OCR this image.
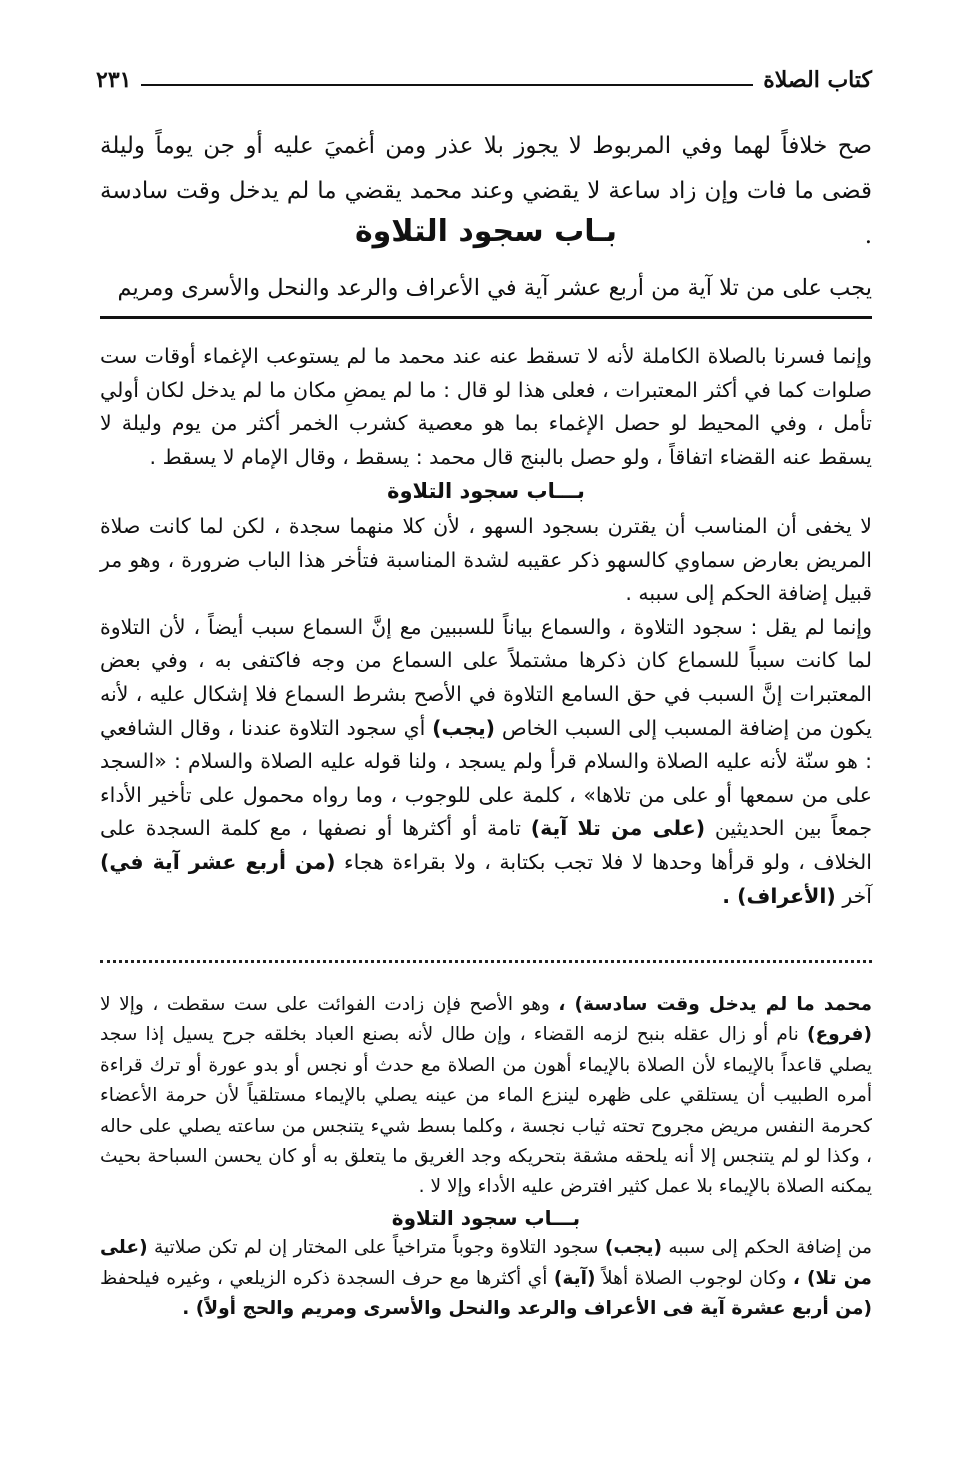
كتاب الصلاة
٢٣١

صح خلافاً لهما وفي المربوط لا يجوز بلا عذر ومن أغميَ عليه أو جن يوماً وليلة قضى ما فات وإن زاد ساعة لا يقضي وعند محمد يقضي ما لم يدخل وقت سادسة .

بـاب سجود التلاوة

يجب على من تلا آية من أربع عشر آية في الأعراف والرعد والنحل والأسرى ومريم

وإنما فسرنا بالصلاة الكاملة لأنه لا تسقط عنه عند محمد ما لم يستوعب الإغماء أوقات ست صلوات كما في أكثر المعتبرات ، فعلى هذا لو قال : ما لم يمضِ مكان ما لم يدخل لكان أولي تأمل ، وفي المحيط لو حصل الإغماء بما هو معصية كشرب الخمر أكثر من يوم وليلة لا يسقط عنه القضاء اتفاقاً ، ولو حصل بالبنج قال محمد : يسقط ، وقال الإمام لا يسقط .

بـــاب سجود التلاوة

لا يخفى أن المناسب أن يقترن بسجود السهو ، لأن كلا منهما سجدة ، لكن لما كانت صلاة المريض بعارض سماوي كالسهو ذكر عقيبه لشدة المناسبة فتأخر هذا الباب ضرورة ، وهو مر قبيل إضافة الحكم إلى سببه .

وإنما لم يقل : سجود التلاوة ، والسماع بياناً للسببين مع إنَّ السماع سبب أيضاً ، لأن التلاوة لما كانت سبباً للسماع كان ذكرها مشتملاً على السماع من وجه فاكتفى به ، وفي بعض المعتبرات إنَّ السبب في حق السامع التلاوة في الأصح بشرط السماع فلا إشكال عليه ، لأنه يكون من إضافة المسبب إلى السبب الخاص (يجب) أي سجود التلاوة عندنا ، وقال الشافعي : هو سنّة لأنه عليه الصلاة والسلام قرأ ولم يسجد ، ولنا قوله عليه الصلاة والسلام : «السجد على من سمعها أو على من تلاها» ، كلمة على للوجوب ، وما رواه محمول على تأخير الأداء جمعاً بين الحديثين (على من تلا آية) تامة أو أكثرها أو نصفها ، مع كلمة السجدة على الخلاف ، ولو قرأها وحدها لا فلا تجب بكتابة ، ولا بقراءة هجاء (من أربع عشر آية في) آخر (الأعراف) .

محمد ما لم يدخل وقت سادسة) ، وهو الأصح فإن زادت الفوائت على ست سقطت ، وإلا لا (فروع) نام أو زال عقله بنبح لزمه القضاء ، وإن طال لأنه بصنع العباد بخلقه جرح يسيل إذا سجد يصلي قاعداً بالإيماء لأن الصلاة بالإيماء أهون من الصلاة مع حدث أو نجس أو بدو عورة أو ترك قراءة أمره الطبيب أن يستلقي على ظهره لينزع الماء من عينه يصلي بالإيماء مستلقياً لأن حرمة الأعضاء كحرمة النفس مريض مجروح تحته ثياب نجسة ، وكلما بسط شيء يتنجس من ساعته يصلي على حاله ، وكذا لو لم يتنجس إلا أنه يلحقه مشقة بتحريكه وجد الغريق ما يتعلق به أو كان يحسن السباحة بحيث يمكنه الصلاة بالإيماء بلا عمل كثير افترض عليه الأداء وإلا لا .

بـــاب سجود التلاوة

من إضافة الحكم إلى سببه (يجب) سجود التلاوة وجوباً متراخياً على المختار إن لم تكن صلاتية (على من تلا) ، وكان لوجوب الصلاة أهلاً (آية) أي أكثرها مع حرف السجدة ذكره الزيلعي ، وغيره فيلحفظ (من أربع عشرة آية فى الأعراف والرعد والنحل والأسرى ومريم والحج أولاً) .
